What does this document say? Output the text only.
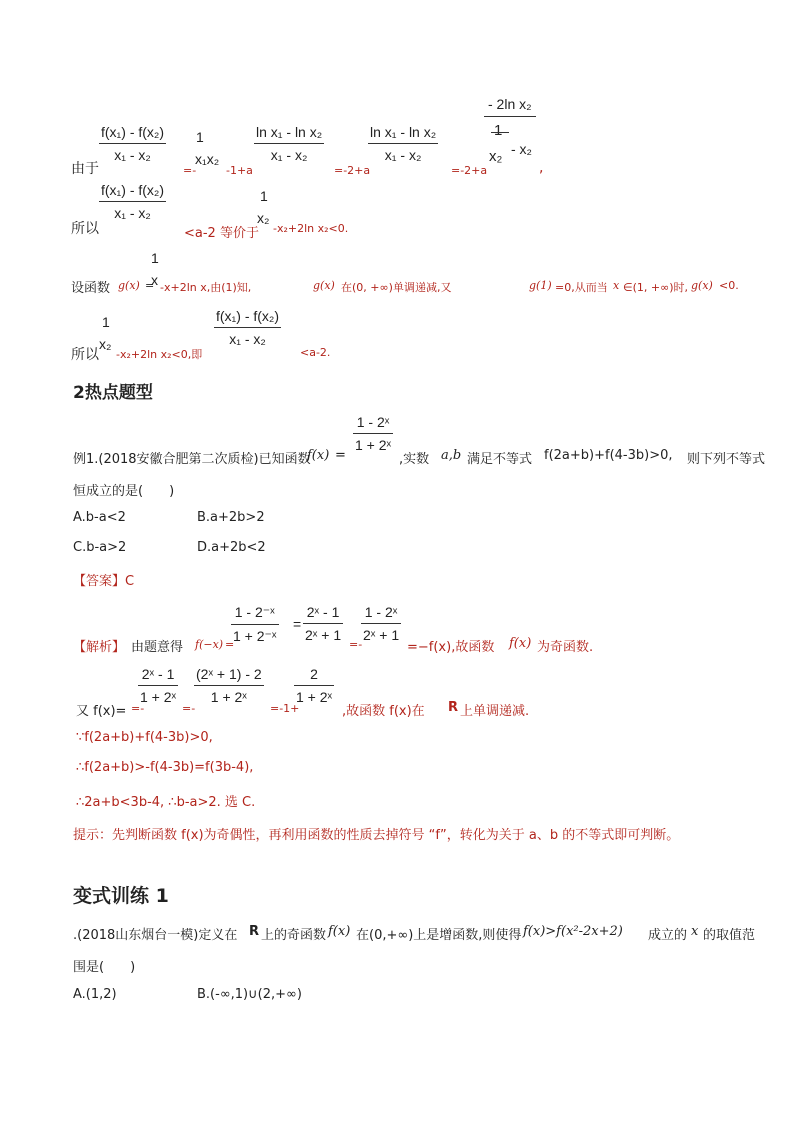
由于
$\frac{\text{f(x₁) - f(x₂)}}{\text{x₁ - x₂}}$
=-
1
x₁x₂
-1+a
$\frac{\text{ln x₁ - ln x₂}}{\text{x₁ - x₂}}$
=-2+a
$\frac{\text{ln x₁ - ln x₂}}{\text{x₁ - x₂}}$
=-2+a
- 2ln x₂
1
x₂ - x₂
,
所以
$\frac{\text{f(x₁) - f(x₂)}}{\text{x₁ - x₂}}$
<a-2 等价于
1
x₂
-x₂+2ln x₂<0.
设函数 g(x) =
1
x -x+2ln x,由(1)知,	g(x) 在(0, +∞)单调递减,又	g(1) =0,从而当 x ∈(1, +∞)时, g(x) <0.
所以
1
x₂
-x₂+2ln x₂<0,即
$\frac{\text{f(x₁) - f(x₂)}}{\text{x₁ - x₂}}$
<a-2.
2热点题型
例1.(2018安徽合肥第二次质检)已知函数
f(x) =
$\frac{\text{1 - 2ˣ}}{\text{1 + 2ˣ}}$
,实数 a,b 满足不等式 f(2a+b)+f(4-3b)>0, 则下列不等式
恒成立的是(　　)
A.b-a<2	B.a+2b>2
C.b-a>2	D.a+2b<2
【答案】C
【解析】 由题意得 f(−x) =
$\frac{\text{1 - 2⁻ˣ}}{\text{1 + 2⁻ˣ}} = \frac{\text{2ˣ - 1}}{\text{2ˣ + 1}}$
=-
$\frac{\text{1 - 2ˣ}}{\text{2ˣ + 1}}$
=−f(x),故函数 f(x) 为奇函数.
又 f(x)= =-
$\frac{\text{2ˣ - 1}}{\text{1 + 2ˣ}}$
=-
$\frac{\text{(2ˣ + 1) - 2}}{\text{1 + 2ˣ}}$
=-1+
$\frac{2}{\text{1 + 2ˣ}}$
,故函数 f(x)在 R 上单调递减.
∵f(2a+b)+f(4-3b)>0,
∴f(2a+b)>-f(4-3b)=f(3b-4),
∴2a+b<3b-4, ∴b-a>2. 选 C.
提示：先判断函数 f(x)为奇偶性，再利用函数的性质去掉符号 “f”，转化为关于 a、b 的不等式即可判断。
变式训练 1
.(2018山东烟台一模)定义在 R 上的奇函数 f(x) 在(0,+∞)上是增函数,则使得 f(x)>f(x²-2x+2) 成立的 x 的取值范
围是(　　)
A.(1,2)	B.(-∞,1)∪(2,+∞)
